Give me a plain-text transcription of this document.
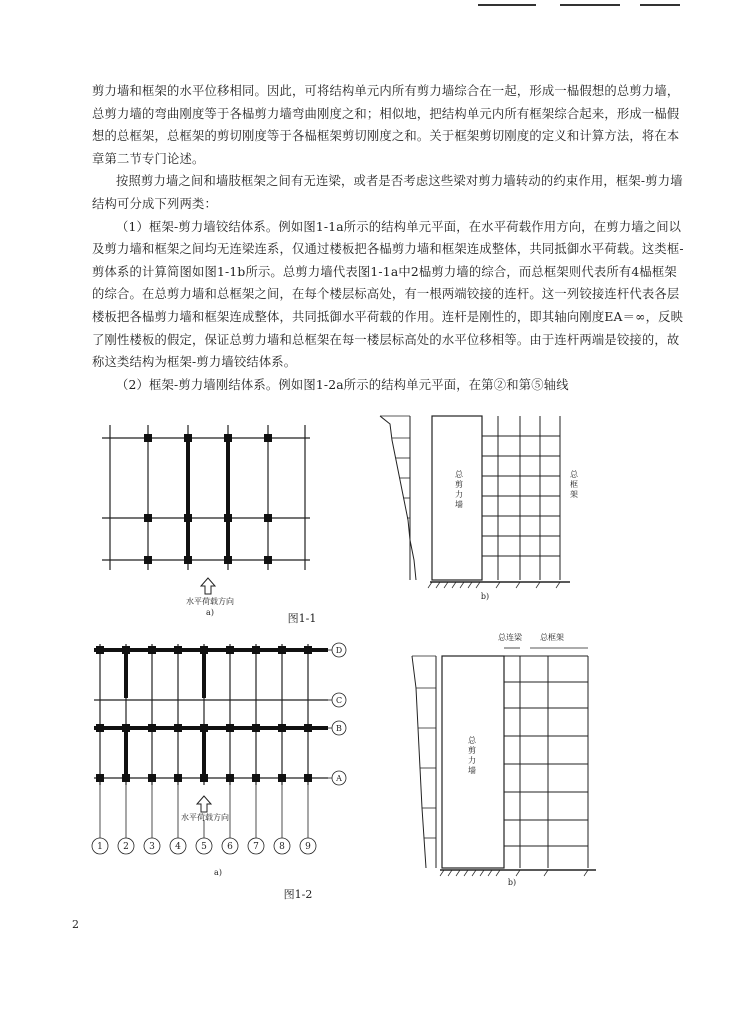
剪力墙和框架的水平位移相同。因此，可将结构单元内所有剪力墙综合在一起，形成一榀假想的总剪力墙，总剪力墙的弯曲刚度等于各榀剪力墙弯曲刚度之和；相似地，把结构单元内所有框架综合起来，形成一榀假想的总框架，总框架的剪切刚度等于各榀框架剪切刚度之和。关于框架剪切刚度的定义和计算方法，将在本章第二节专门论述。

按照剪力墙之间和墙肢框架之间有无连梁，或者是否考虑这些梁对剪力墙转动的约束作用，框架-剪力墙结构可分成下列两类：

（1）框架-剪力墙铰结体系。例如图1-1a所示的结构单元平面，在水平荷载作用方向，在剪力墙之间以及剪力墙和框架之间均无连梁连系，仅通过楼板把各榀剪力墙和框架连成整体，共同抵御水平荷载。这类框-剪体系的计算简图如图1-1b所示。总剪力墙代表图1-1a中2榀剪力墙的综合，而总框架则代表所有4榀框架的综合。在总剪力墙和总框架之间，在每个楼层标高处，有一根两端铰接的连杆。这一列铰接连杆代表各层楼板把各榀剪力墙和框架连成整体，共同抵御水平荷载的作用。连杆是刚性的，即其轴向刚度EA＝∞，反映了刚性楼板的假定，保证总剪力墙和总框架在每一楼层标高处的水平位移相等。由于连杆两端是铰接的，故称这类结构为框架-剪力墙铰结体系。

（2）框架-剪力墙刚结体系。例如图1-2a所示的结构单元平面，在第②和第⑤轴线

水平荷载方向
a)
总剪力墙
总框架
b)
图1-1
D
C
B
A
1 2 3 4 5 6 7 8 9
水平荷载方向
a)
总连梁 总框架
总剪力墙
b)
图1-2
2
